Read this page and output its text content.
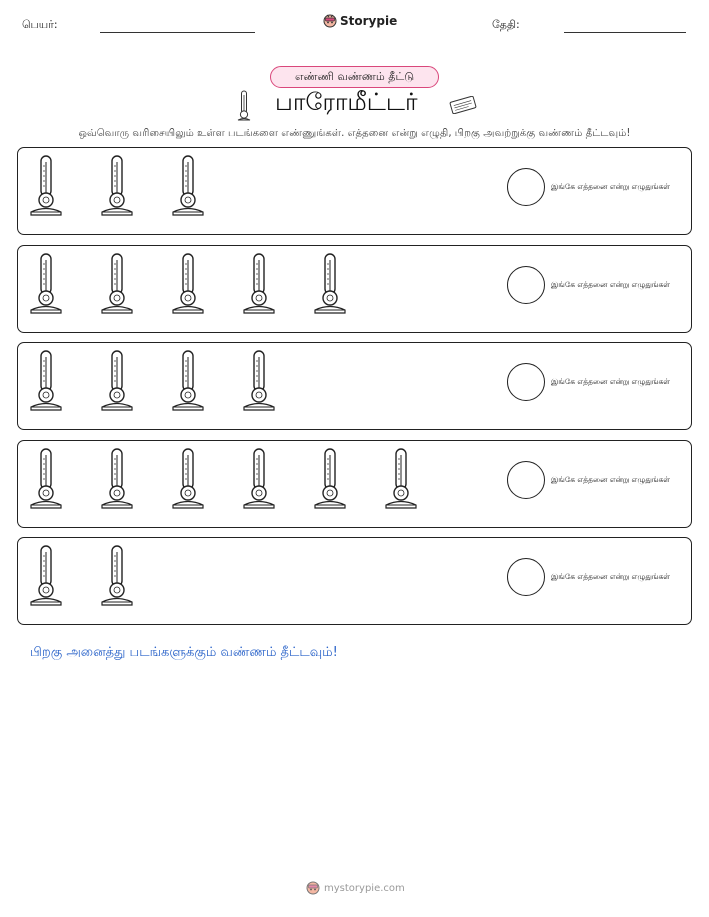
பெயர்:	Storypie	தேதி:
எண்ணி வண்ணம் தீட்டு
பாரோமீட்டர்
ஒவ்வொரு வரிசையிலும் உள்ள படங்களை எண்ணுங்கள். எத்தனை என்று எழுதி, பிறகு அவற்றுக்கு வண்ணம் தீட்டவும்!
இங்கே எத்தனை என்று எழுதுங்கள்
இங்கே எத்தனை என்று எழுதுங்கள்
இங்கே எத்தனை என்று எழுதுங்கள்
இங்கே எத்தனை என்று எழுதுங்கள்
இங்கே எத்தனை என்று எழுதுங்கள்
பிறகு அனைத்து படங்களுக்கும் வண்ணம் தீட்டவும்!
mystorypie.com
